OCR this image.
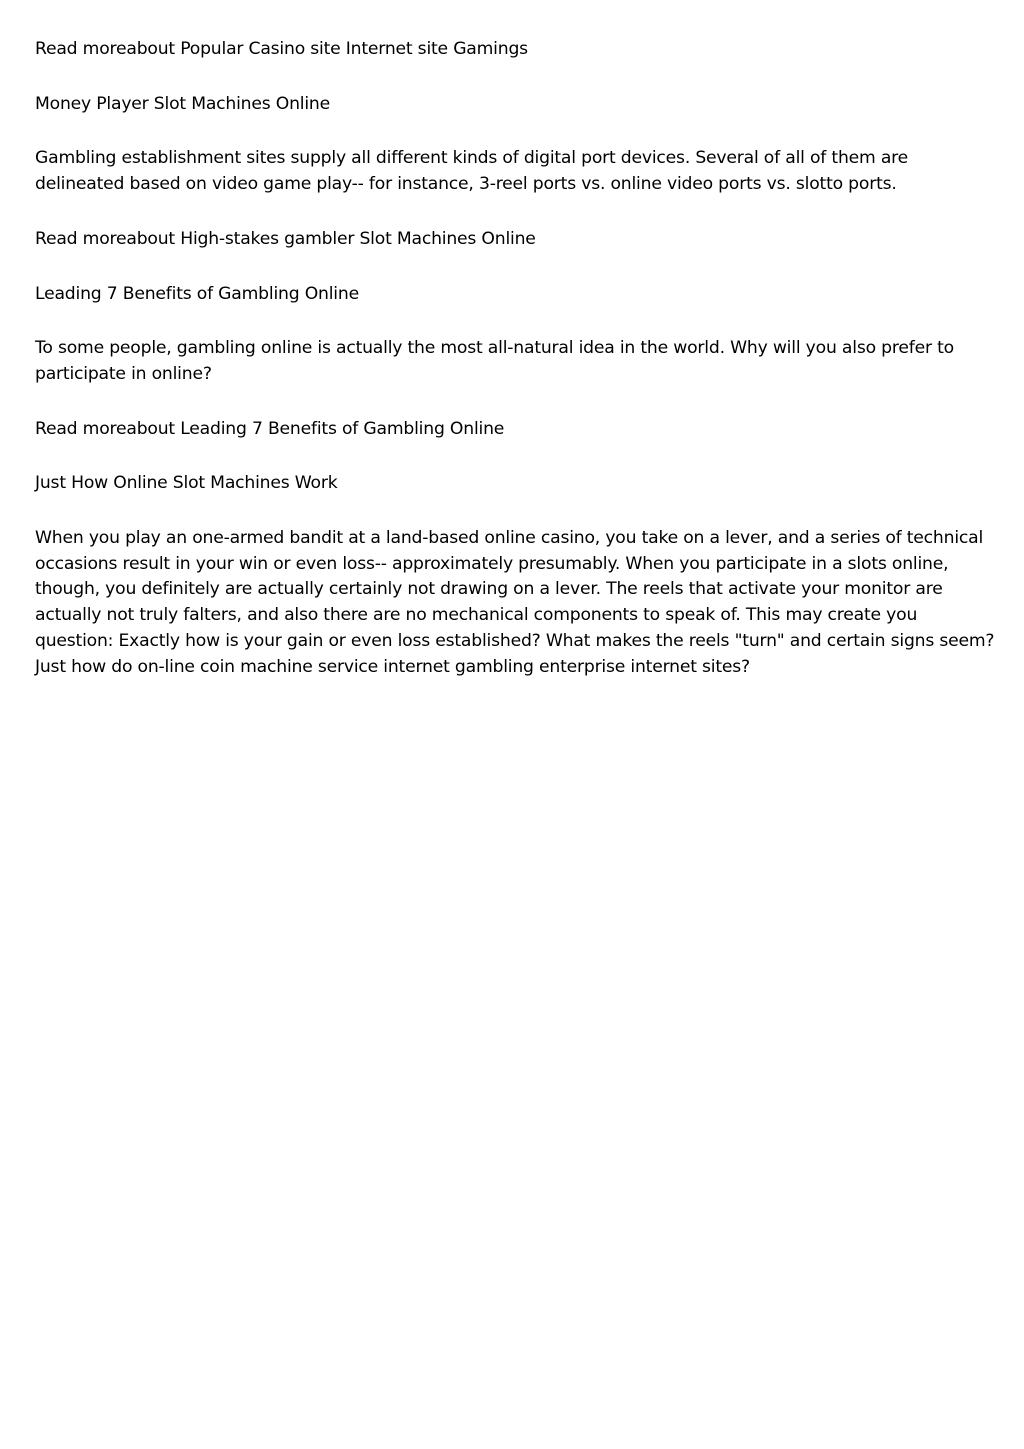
Read moreabout Popular Casino site Internet site Gamings

Money Player Slot Machines Online

Gambling establishment sites supply all different kinds of digital port devices. Several of all of them are delineated based on video game play-- for instance, 3-reel ports vs. online video ports vs. slotto ports.

Read moreabout High-stakes gambler Slot Machines Online

Leading 7 Benefits of Gambling Online

To some people, gambling online is actually the most all-natural idea in the world. Why will you also prefer to participate in online?

Read moreabout Leading 7 Benefits of Gambling Online

Just How Online Slot Machines Work

When you play an one-armed bandit at a land-based online casino, you take on a lever, and a series of technical occasions result in your win or even loss-- approximately presumably. When you participate in a slots online, though, you definitely are actually certainly not drawing on a lever. The reels that activate your monitor are actually not truly falters, and also there are no mechanical components to speak of. This may create you question: Exactly how is your gain or even loss established? What makes the reels "turn" and certain signs seem? Just how do on-line coin machine service internet gambling enterprise internet sites?
